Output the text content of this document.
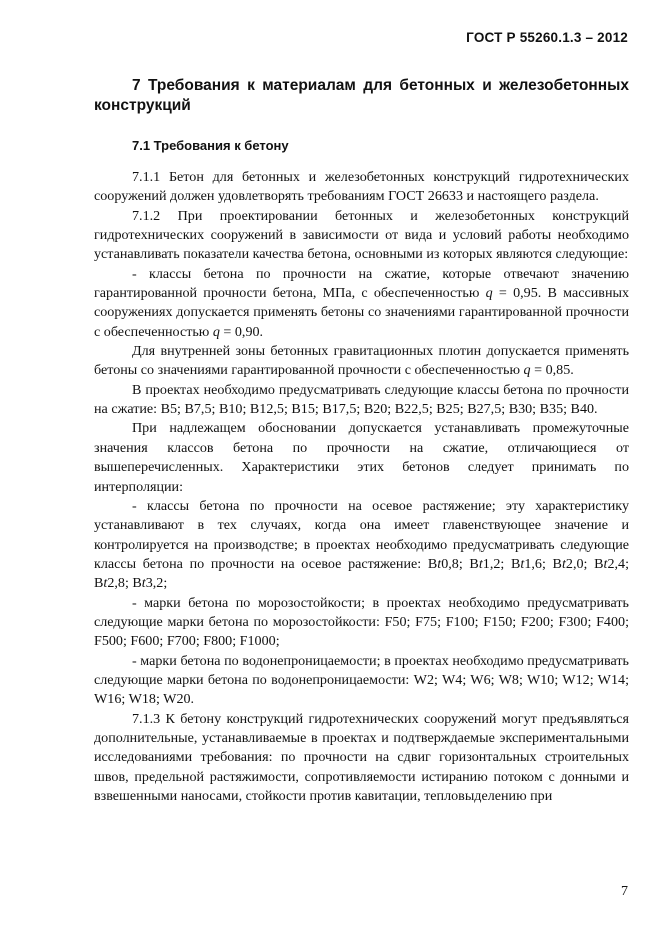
ГОСТ Р 55260.1.3 – 2012
7 Требования к материалам для бетонных и железобетонных конструкций
7.1 Требования к бетону

7.1.1 Бетон для бетонных и железобетонных конструкций гидротехнических сооружений должен удовлетворять требованиям ГОСТ 26633 и настоящего раздела.

7.1.2 При проектировании бетонных и железобетонных конструкций гидротехнических сооружений в зависимости от вида и условий работы необходимо устанавливать показатели качества бетона, основными из которых являются следующие:

- классы бетона по прочности на сжатие, которые отвечают значению гарантированной прочности бетона, МПа, с обеспеченностью q = 0,95. В массивных сооружениях допускается применять бетоны со значениями гарантированной прочности с обеспеченностью q = 0,90.

Для внутренней зоны бетонных гравитационных плотин допускается применять бетоны со значениями гарантированной прочности с обеспеченностью q = 0,85.

В проектах необходимо предусматривать следующие классы бетона по прочности на сжатие: В5; В7,5; В10; В12,5; В15; В17,5; В20; В22,5; В25; В27,5; В30; В35; В40.

При надлежащем обосновании допускается устанавливать промежуточные значения классов бетона по прочности на сжатие, отличающиеся от вышеперечисленных. Характеристики этих бетонов следует принимать по интерполяции:

- классы бетона по прочности на осевое растяжение; эту характеристику устанавливают в тех случаях, когда она имеет главенствующее значение и контролируется на производстве; в проектах необходимо предусматривать следующие классы бетона по прочности на осевое растяжение: Вt0,8; Вt1,2; Вt1,6; Вt2,0; Вt2,4; Вt2,8; Вt3,2;

- марки бетона по морозостойкости; в проектах необходимо предусматривать следующие марки бетона по морозостойкости: F50; F75; F100; F150; F200; F300; F400; F500; F600; F700; F800; F1000;

- марки бетона по водонепроницаемости; в проектах необходимо предусматривать следующие марки бетона по водонепроницаемости: W2; W4; W6; W8; W10; W12; W14; W16; W18; W20.

7.1.3 К бетону конструкций гидротехнических сооружений могут предъявляться дополнительные, устанавливаемые в проектах и подтверждаемые экспериментальными исследованиями требования: по прочности на сдвиг горизонтальных строительных швов, предельной растяжимости, сопротивляемости истиранию потоком с донными и взвешенными наносами, стойкости против кавитации, тепловыделению при

7
